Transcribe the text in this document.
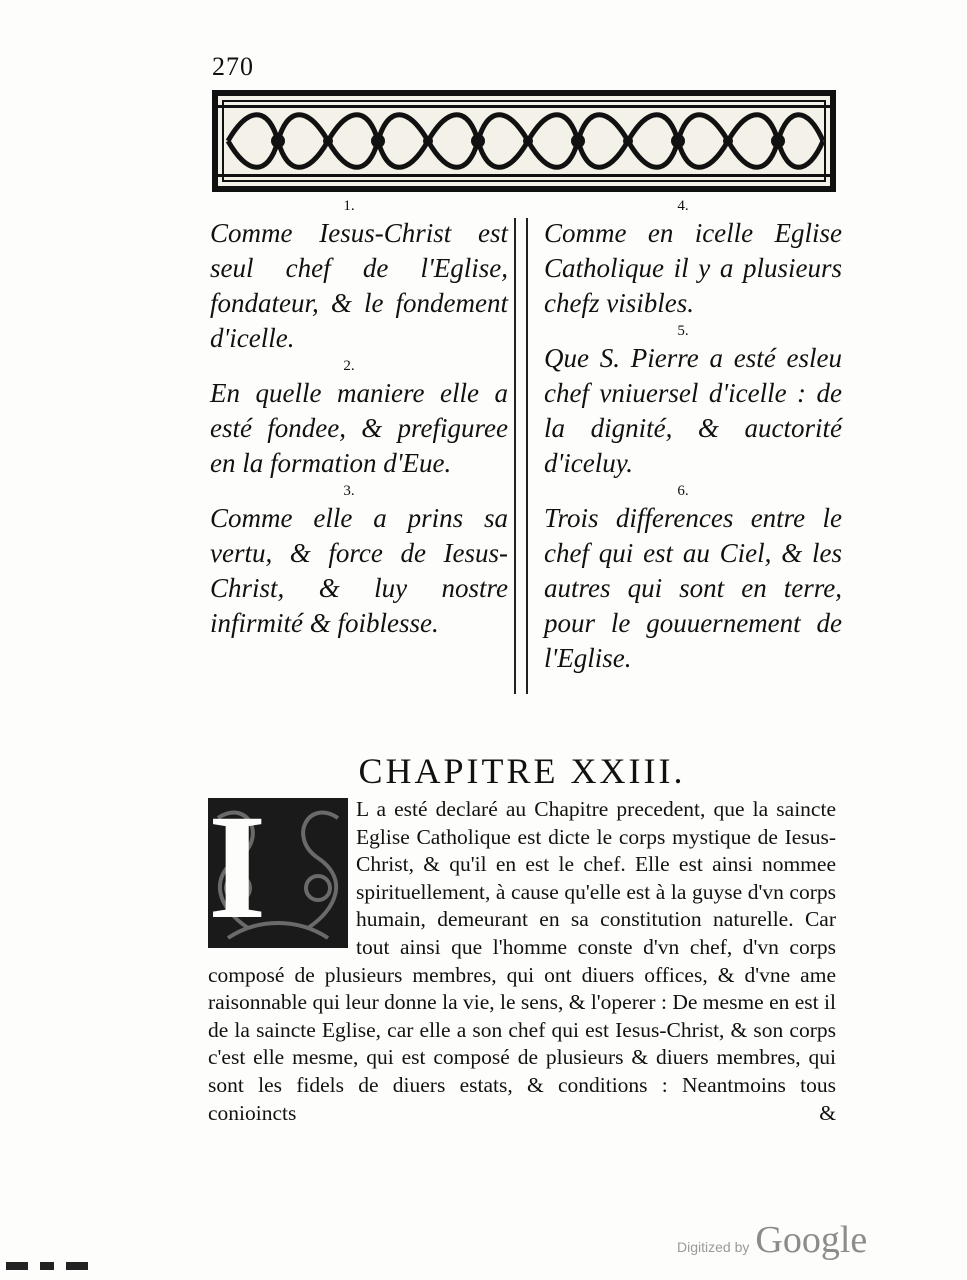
270
1.
Comme Iesus-Christ est seul chef de l'Eglise, fondateur, & le fondement d'icelle.
2.
En quelle maniere elle a esté fondee, & prefiguree en la formation d'Eue.
3.
Comme elle a prins sa vertu, & force de Iesus-Christ, & luy nostre infirmité & foiblesse.
4.
Comme en icelle Eglise Catholique il y a plusieurs chefz visibles.
5.
Que S. Pierre a esté esleu chef vniuersel d'icelle : de la dignité, & auctorité d'iceluy.
6.
Trois differences entre le chef qui est au Ciel, & les autres qui sont en terre, pour le gouuernement de l'Eglise.
CHAPITRE XXIII.
I	L a esté declaré au Chapitre precedent, que la saincte Eglise Catholique est dicte le corps mystique de Iesus-Christ, & qu'il en est le chef. Elle est ainsi nommee spirituellement, à cause qu'elle est à la guyse d'vn corps humain, demeurant en sa constitution naturelle. Car tout ainsi que l'homme conste d'vn chef, d'vn corps composé de plusieurs membres, qui ont diuers offices, & d'vne ame raisonnable qui leur donne la vie, le sens, & l'operer : De mesme en est il de la saincte Eglise, car elle a son chef qui est Iesus-Christ, & son corps c'est elle mesme, qui est composé de plusieurs & diuers membres, qui sont les fidels de diuers estats, & conditions : Neantmoins tous conioincts &
Digitized by Google
